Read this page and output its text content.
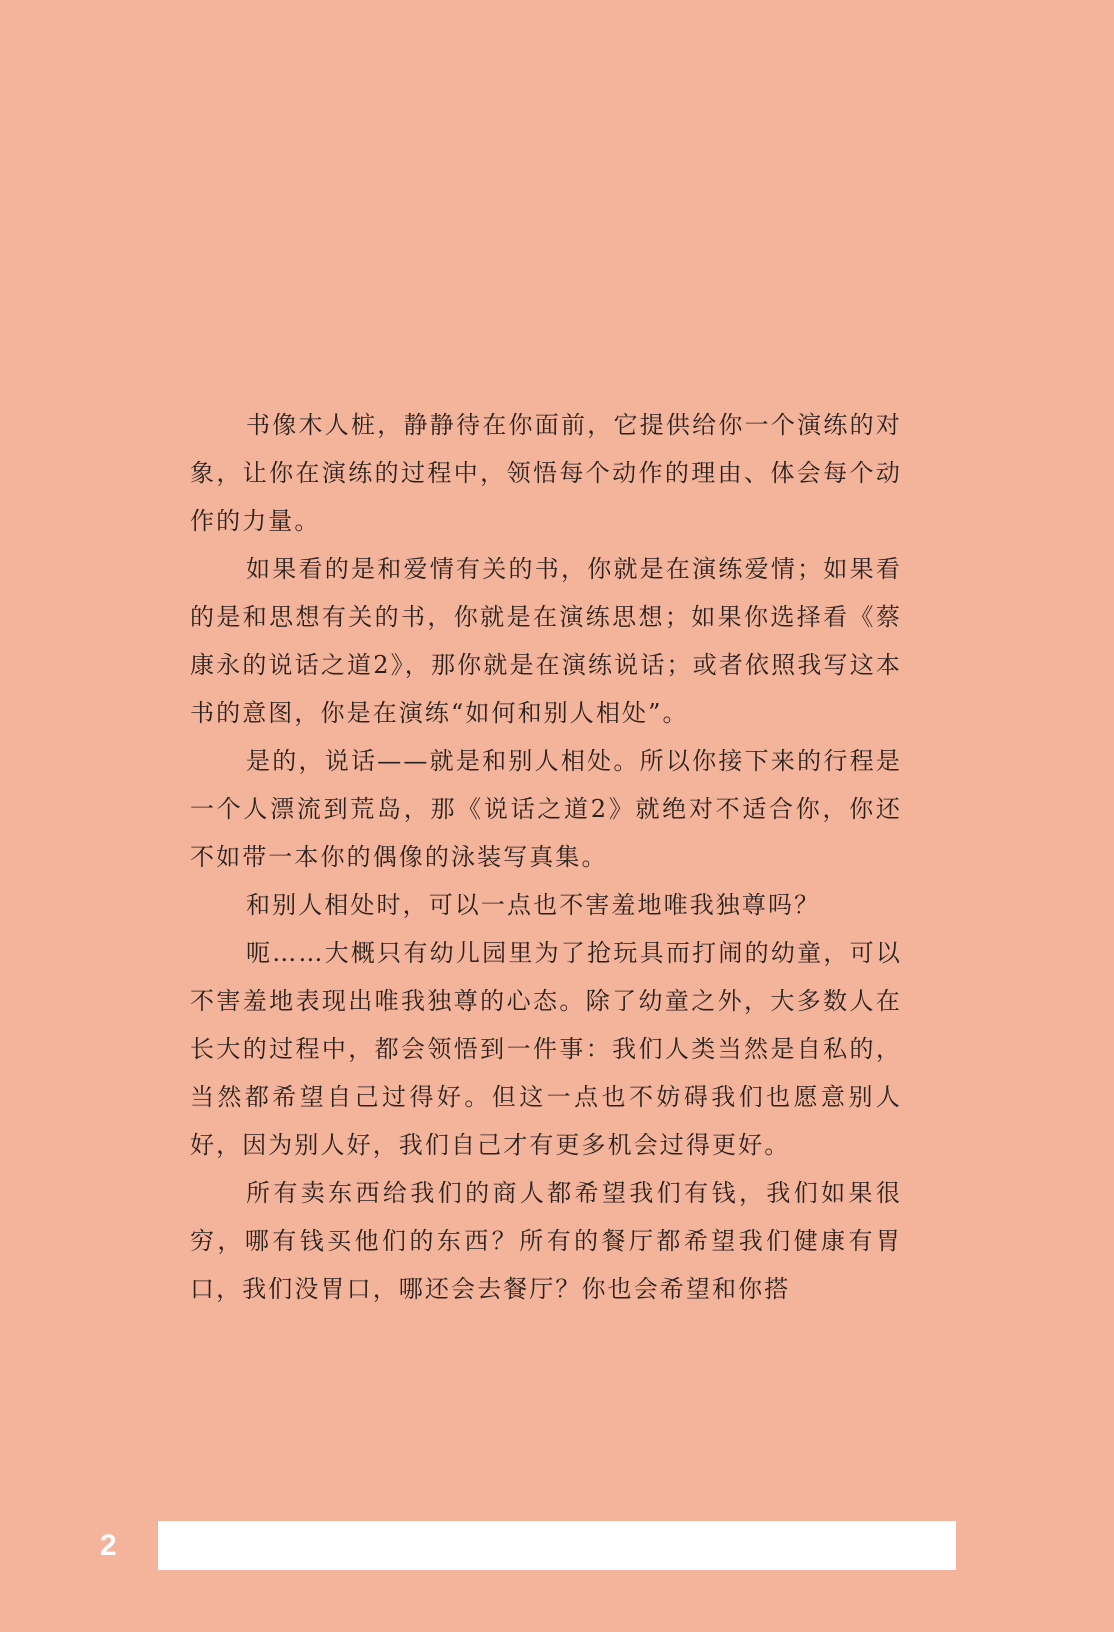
书像木人桩，静静待在你面前，它提供给你一个演练的对象，让你在演练的过程中，领悟每个动作的理由、体会每个动作的力量。

如果看的是和爱情有关的书，你就是在演练爱情；如果看的是和思想有关的书，你就是在演练思想；如果你选择看《蔡康永的说话之道2》，那你就是在演练说话；或者依照我写这本书的意图，你是在演练“如何和别人相处”。

是的，说话——就是和别人相处。所以你接下来的行程是一个人漂流到荒岛，那《说话之道2》就绝对不适合你，你还不如带一本你的偶像的泳装写真集。

和别人相处时，可以一点也不害羞地唯我独尊吗？

呃……大概只有幼儿园里为了抢玩具而打闹的幼童，可以不害羞地表现出唯我独尊的心态。除了幼童之外，大多数人在长大的过程中，都会领悟到一件事：我们人类当然是自私的，当然都希望自己过得好。但这一点也不妨碍我们也愿意别人好，因为别人好，我们自己才有更多机会过得更好。

所有卖东西给我们的商人都希望我们有钱，我们如果很穷，哪有钱买他们的东西？所有的餐厅都希望我们健康有胃口，我们没胃口，哪还会去餐厅？你也会希望和你搭

2
